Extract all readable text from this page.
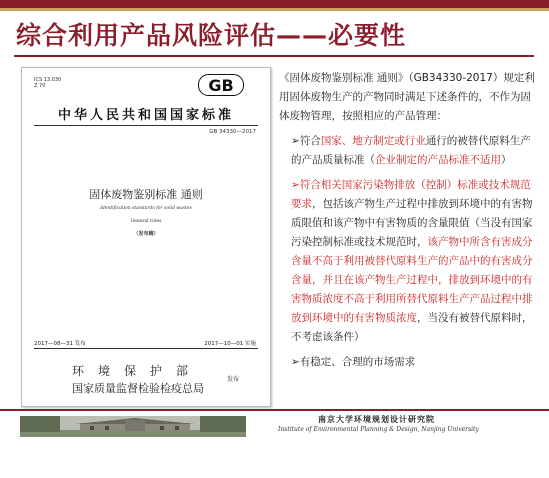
综合利用产品风险评估——必要性
ICS 13.030
Z 70	GB
中华人民共和国国家标准
GB 34330—2017
固体废物鉴别标准 通则
Identification standards for solid wastes
General rules
（发布稿）
2017—08—31 发布	2017—10—01 实施
环境保护部
国家质量监督检验检疫总局
发布

《固体废物鉴别标准 通则》（GB34330-2017）规定利用固体废物生产的产物同时满足下述条件的，不作为固体废物管理，按照相应的产品管理：

➢符合国家、地方制定或行业通行的被替代原料生产的产品质量标准（企业制定的产品标准不适用）

➢符合相关国家污染物排放（控制）标准或技术规范要求，包括该产物生产过程中排放到环境中的有害物质限值和该产物中有害物质的含量限值（当没有国家污染控制标准或技术规范时，该产物中所含有害成分含量不高于利用被替代原料生产的产品中的有害成分含量，并且在该产物生产过程中，排放到环境中的有害物质浓度不高于利用所替代原料生产产品过程中排放到环境中的有害物质浓度，当没有被替代原料时，不考虑该条件）

➢有稳定、合理的市场需求

南京大学环境规划设计研究院
Institute of Environmental Planning & Design, Nanjing University
